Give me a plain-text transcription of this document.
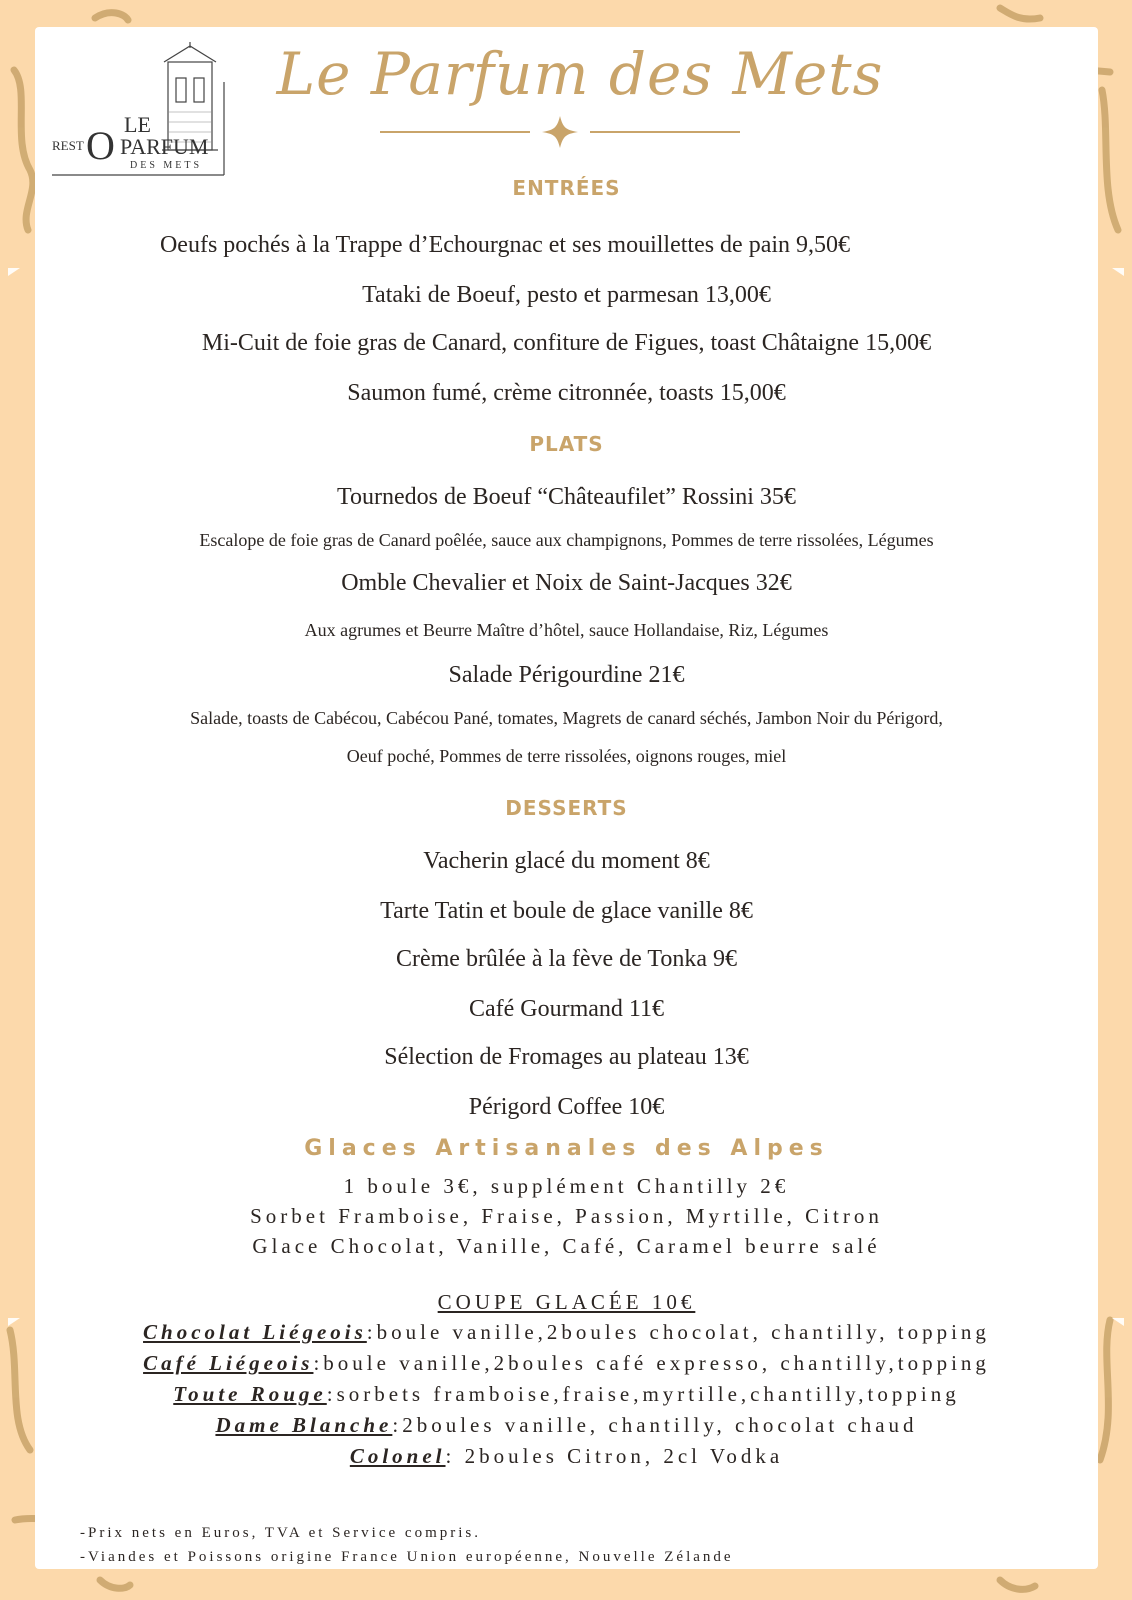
LE
REST O PARFUM
DES METS
Le Parfum des Mets
ENTRÉES
Oeufs pochés à la Trappe d’Echourgnac et ses mouillettes de pain 9,50€
Tataki de Boeuf, pesto et parmesan 13,00€
Mi-Cuit de foie gras de Canard, confiture de Figues, toast Châtaigne 15,00€
Saumon fumé, crème citronnée, toasts 15,00€
PLATS
Tournedos de Boeuf “Châteaufilet” Rossini 35€
Escalope de foie gras de Canard poêlée, sauce aux champignons, Pommes de terre rissolées, Légumes
Omble Chevalier et Noix de Saint-Jacques 32€
Aux agrumes et Beurre Maître d’hôtel, sauce Hollandaise, Riz, Légumes
Salade Périgourdine 21€
Salade, toasts de Cabécou, Cabécou Pané, tomates, Magrets de canard séchés, Jambon Noir du Périgord,
Oeuf poché, Pommes de terre rissolées, oignons rouges, miel
DESSERTS
Vacherin glacé du moment 8€
Tarte Tatin et boule de glace vanille 8€
Crème brûlée à la fève de Tonka 9€
Café Gourmand 11€
Sélection de Fromages au plateau 13€
Périgord Coffee 10€
Glaces Artisanales des Alpes
1 boule 3€, supplément Chantilly 2€
Sorbet Framboise, Fraise, Passion, Myrtille, Citron
Glace Chocolat, Vanille, Café, Caramel beurre salé
COUPE GLACÉE 10€
Chocolat Liégeois:boule vanille,2boules chocolat, chantilly, topping
Café Liégeois:boule vanille,2boules café expresso, chantilly,topping
Toute Rouge:sorbets framboise,fraise,myrtille,chantilly,topping
Dame Blanche:2boules vanille, chantilly, chocolat chaud
Colonel: 2boules Citron, 2cl Vodka
-Prix nets en Euros, TVA et Service compris.
-Viandes et Poissons origine France Union européenne, Nouvelle Zélande
